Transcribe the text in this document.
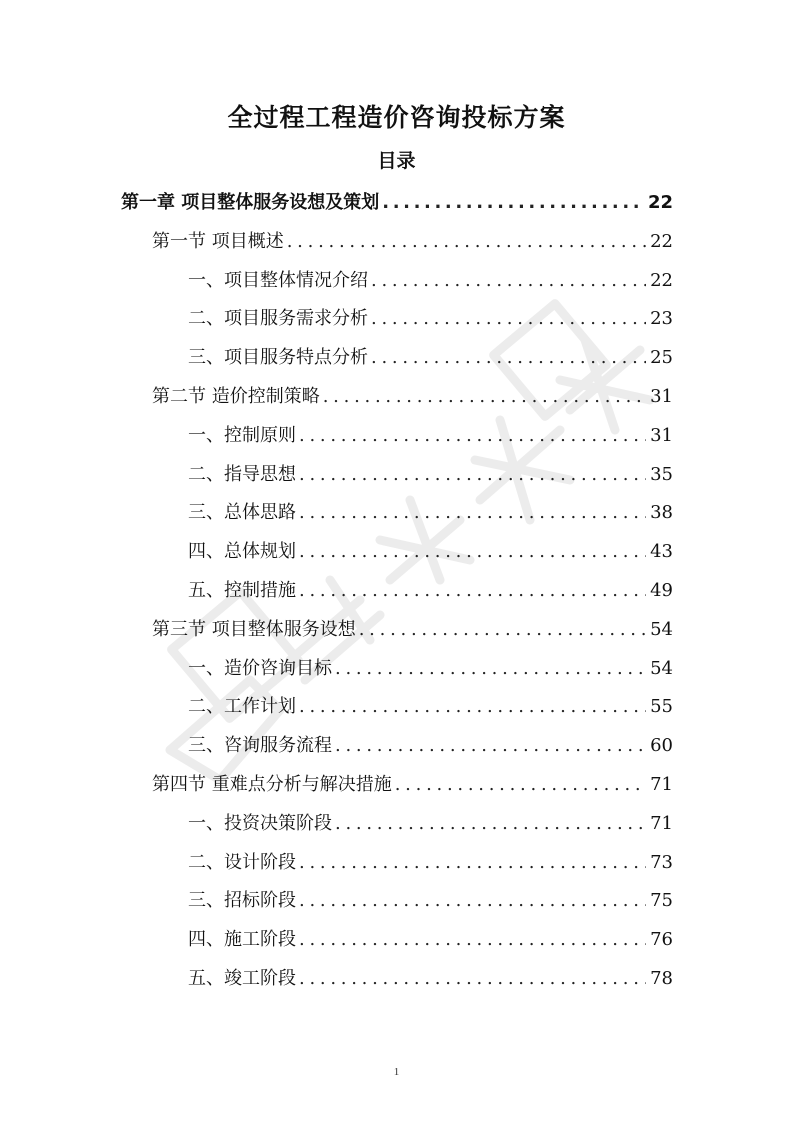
全过程工程造价咨询投标方案
目录
第一章 项目整体服务设想及策划 .....	22
第一节 项目概述 . . .	22
一、项目整体情况介绍 . . .	22
二、项目服务需求分析 . . .	23
三、项目服务特点分析 . . .	25
第二节 造价控制策略 . . .	31
一、控制原则 . . .	31
二、指导思想 . . .	35
三、总体思路 . . .	38
四、总体规划 . . .	43
五、控制措施 . . .	49
第三节 项目整体服务设想 . . .	54
一、造价咨询目标 . . .	54
二、工作计划 . . .	55
三、咨询服务流程 . . .	60
第四节 重难点分析与解决措施 . . .	71
一、投资决策阶段 . . .	71
二、设计阶段 . . .	73
三、招标阶段 . . .	75
四、施工阶段 . . .	76
五、竣工阶段 . . .	78
1
